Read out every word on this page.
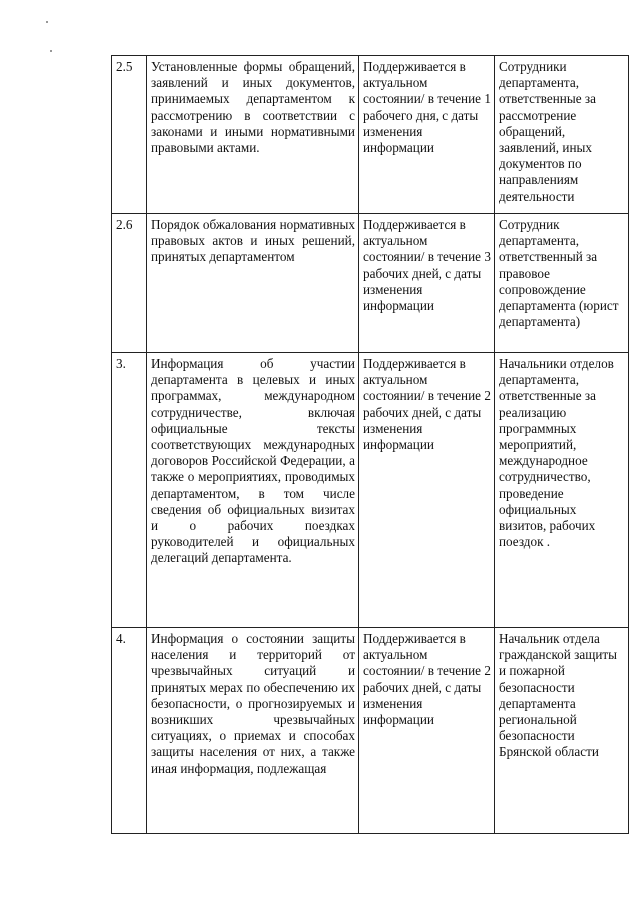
2.5	Установленные формы обращений, заявлений и иных документов, принимаемых департаментом к рассмотрению в соответствии с законами и иными нормативными правовыми актами.	Поддерживается в актуальном состоянии/ в течение 1 рабочего дня, с даты изменения информации	Сотрудники департамента, ответственные за рассмотрение обращений, заявлений, иных документов по направлениям деятельности
2.6	Порядок обжалования нормативных правовых актов и иных решений, принятых департаментом	Поддерживается в актуальном состоянии/ в течение 3 рабочих дней, с даты изменения информации	Сотрудник департамента, ответственный за правовое сопровождение департамента (юрист департамента)
3.	Информация об участии департамента в целевых и иных программах, международном сотрудничестве, включая официальные тексты соответствующих международных договоров Российской Федерации, а также о мероприятиях, проводимых департаментом, в том числе сведения об официальных визитах и о рабочих поездках руководителей и официальных делегаций департамента.	Поддерживается в актуальном состоянии/ в течение 2 рабочих дней, с даты изменения информации	Начальники отделов департамента, ответственные за реализацию программных мероприятий, международное сотрудничество, проведение официальных визитов, рабочих поездок .
4.	Информация о состоянии защиты населения и территорий от чрезвычайных ситуаций и принятых мерах по обеспечению их безопасности, о прогнозируемых и возникших чрезвычайных ситуациях, о приемах и способах защиты населения от них, а также иная информация, подлежащая	Поддерживается в актуальном состоянии/ в течение 2 рабочих дней, с даты изменения информации	Начальник отдела гражданской защиты и пожарной безопасности департамента региональной безопасности Брянской области
